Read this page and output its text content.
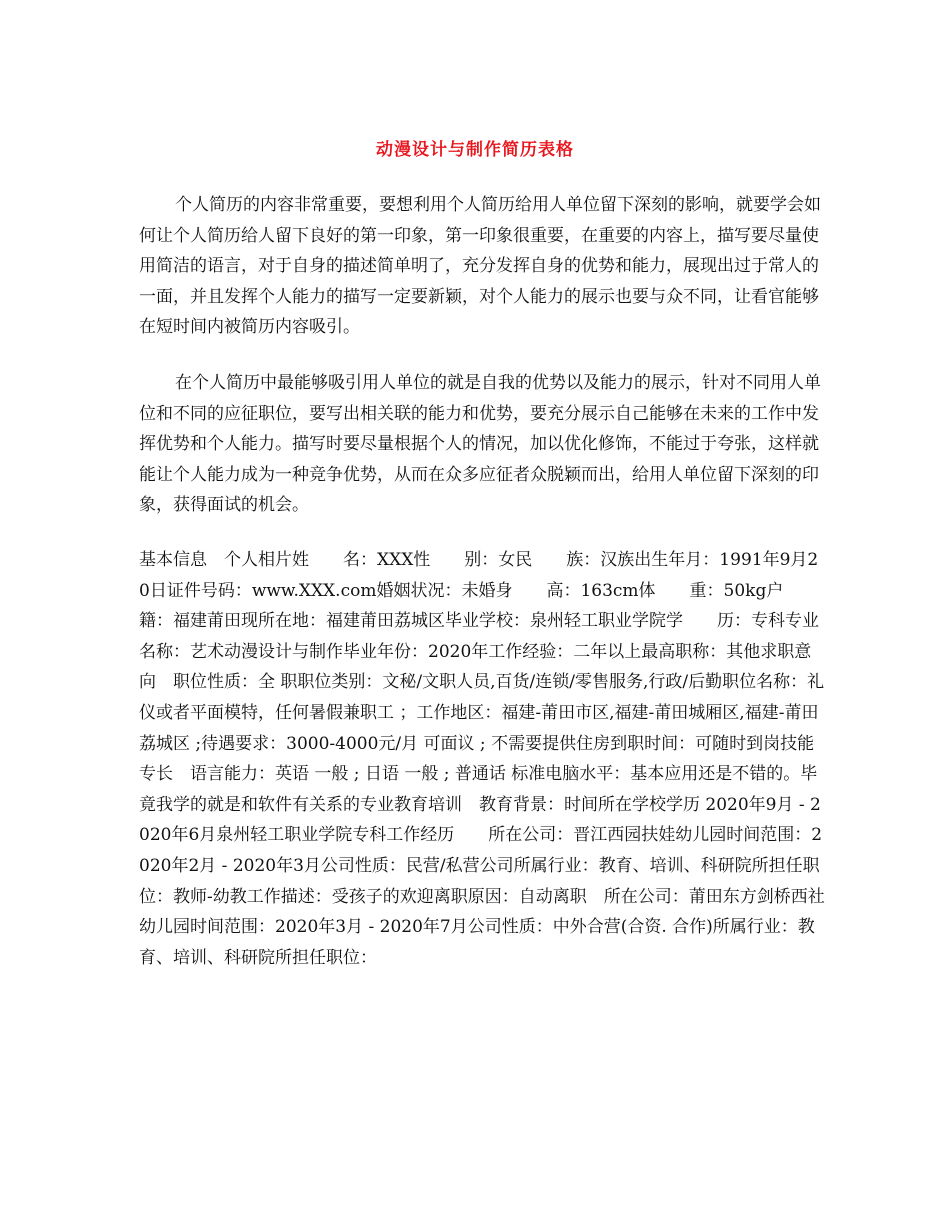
动漫设计与制作简历表格

个人简历的内容非常重要，要想利用个人简历给用人单位留下深刻的影响，就要学会如何让个人简历给人留下良好的第一印象，第一印象很重要，在重要的内容上，描写要尽量使用简洁的语言，对于自身的描述简单明了，充分发挥自身的优势和能力，展现出过于常人的一面，并且发挥个人能力的描写一定要新颖，对个人能力的展示也要与众不同，让看官能够在短时间内被简历内容吸引。

在个人简历中最能够吸引用人单位的就是自我的优势以及能力的展示，针对不同用人单位和不同的应征职位，要写出相关联的能力和优势，要充分展示自己能够在未来的工作中发挥优势和个人能力。描写时要尽量根据个人的情况，加以优化修饰，不能过于夸张，这样就能让个人能力成为一种竞争优势，从而在众多应征者众脱颖而出，给用人单位留下深刻的印象，获得面试的机会。

基本信息　个人相片姓　　名：XXX性　　别：女民　　族：汉族出生年月：1991年9月20日证件号码：www.XXX.com婚姻状况：未婚身　　高：163cm体　　重：50kg户　　籍：福建莆田现所在地：福建莆田荔城区毕业学校：泉州轻工职业学院学　　历：专科专业名称：艺术动漫设计与制作毕业年份：2020年工作经验：二年以上最高职称：其他求职意向　职位性质：全 职职位类别：文秘/文职人员,百货/连锁/零售服务,行政/后勤职位名称：礼仪或者平面模特，任何暑假兼职工 ；工作地区：福建-莆田市区,福建-莆田城厢区,福建-莆田荔城区 ;待遇要求：3000-4000元/月 可面议 ; 不需要提供住房到职时间：可随时到岗技能专长　语言能力：英语 一般 ; 日语 一般 ; 普通话 标准电脑水平：基本应用还是不错的。毕竟我学的就是和软件有关系的专业教育培训　教育背景：时间所在学校学历 2020年9月 - 2020年6月泉州轻工职业学院专科工作经历　　所在公司：晋江西园扶娃幼儿园时间范围：2020年2月 - 2020年3月公司性质：民营/私营公司所属行业：教育、培训、科研院所担任职位：教师-幼教工作描述：受孩子的欢迎离职原因：自动离职　所在公司：莆田东方剑桥西社幼儿园时间范围：2020年3月 - 2020年7月公司性质：中外合营(合资. 合作)所属行业：教育、培训、科研院所担任职位：
